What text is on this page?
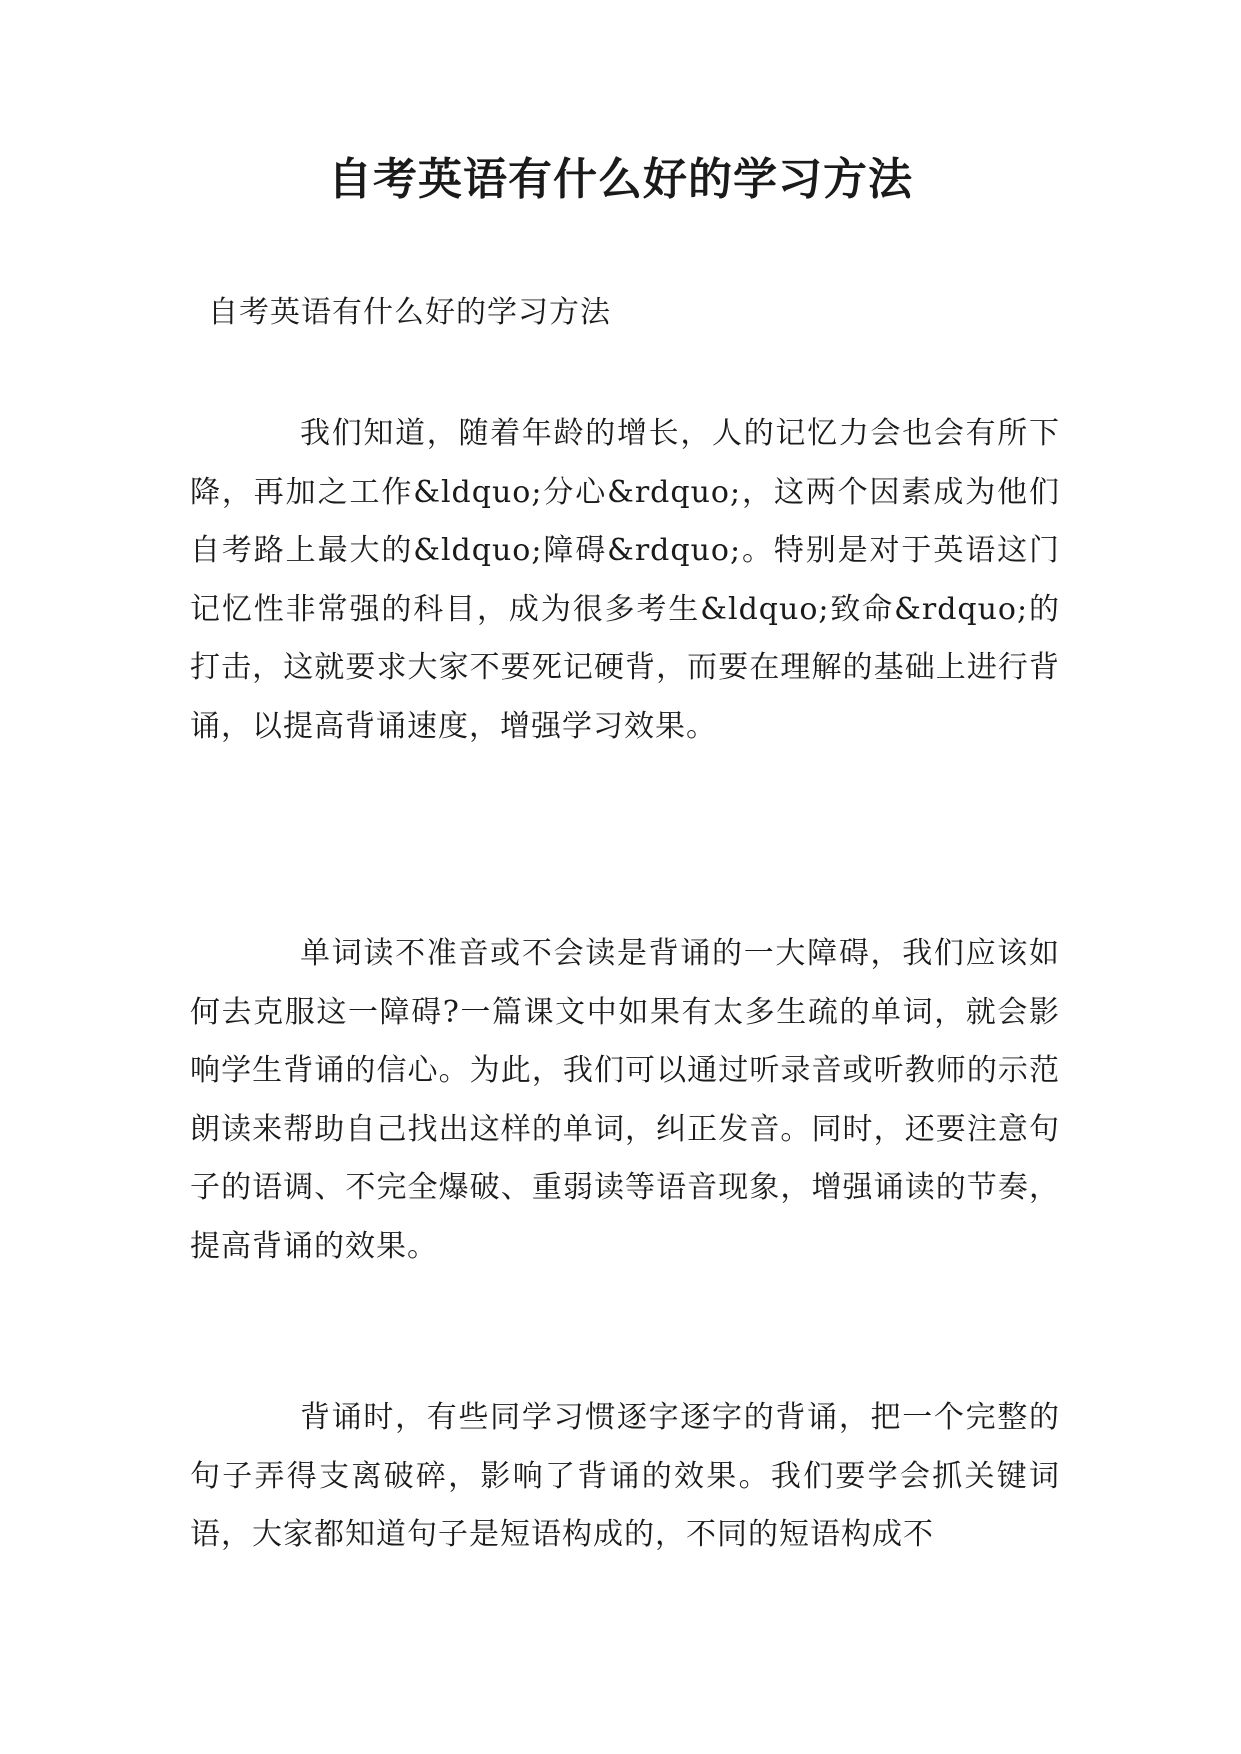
自考英语有什么好的学习方法
自考英语有什么好的学习方法

我们知道，随着年龄的增长，人的记忆力会也会有所下降，再加之工作&ldquo;分心&rdquo;，这两个因素成为他们自考路上最大的&ldquo;障碍&rdquo;。特别是对于英语这门记忆性非常强的科目，成为很多考生&ldquo;致命&rdquo;的打击，这就要求大家不要死记硬背，而要在理解的基础上进行背诵，以提高背诵速度，增强学习效果。

单词读不准音或不会读是背诵的一大障碍，我们应该如何去克服这一障碍?一篇课文中如果有太多生疏的单词，就会影响学生背诵的信心。为此，我们可以通过听录音或听教师的示范朗读来帮助自己找出这样的单词，纠正发音。同时，还要注意句子的语调、不完全爆破、重弱读等语音现象，增强诵读的节奏，提高背诵的效果。

背诵时，有些同学习惯逐字逐字的背诵，把一个完整的句子弄得支离破碎，影响了背诵的效果。我们要学会抓关键词语，大家都知道句子是短语构成的，不同的短语构成不
